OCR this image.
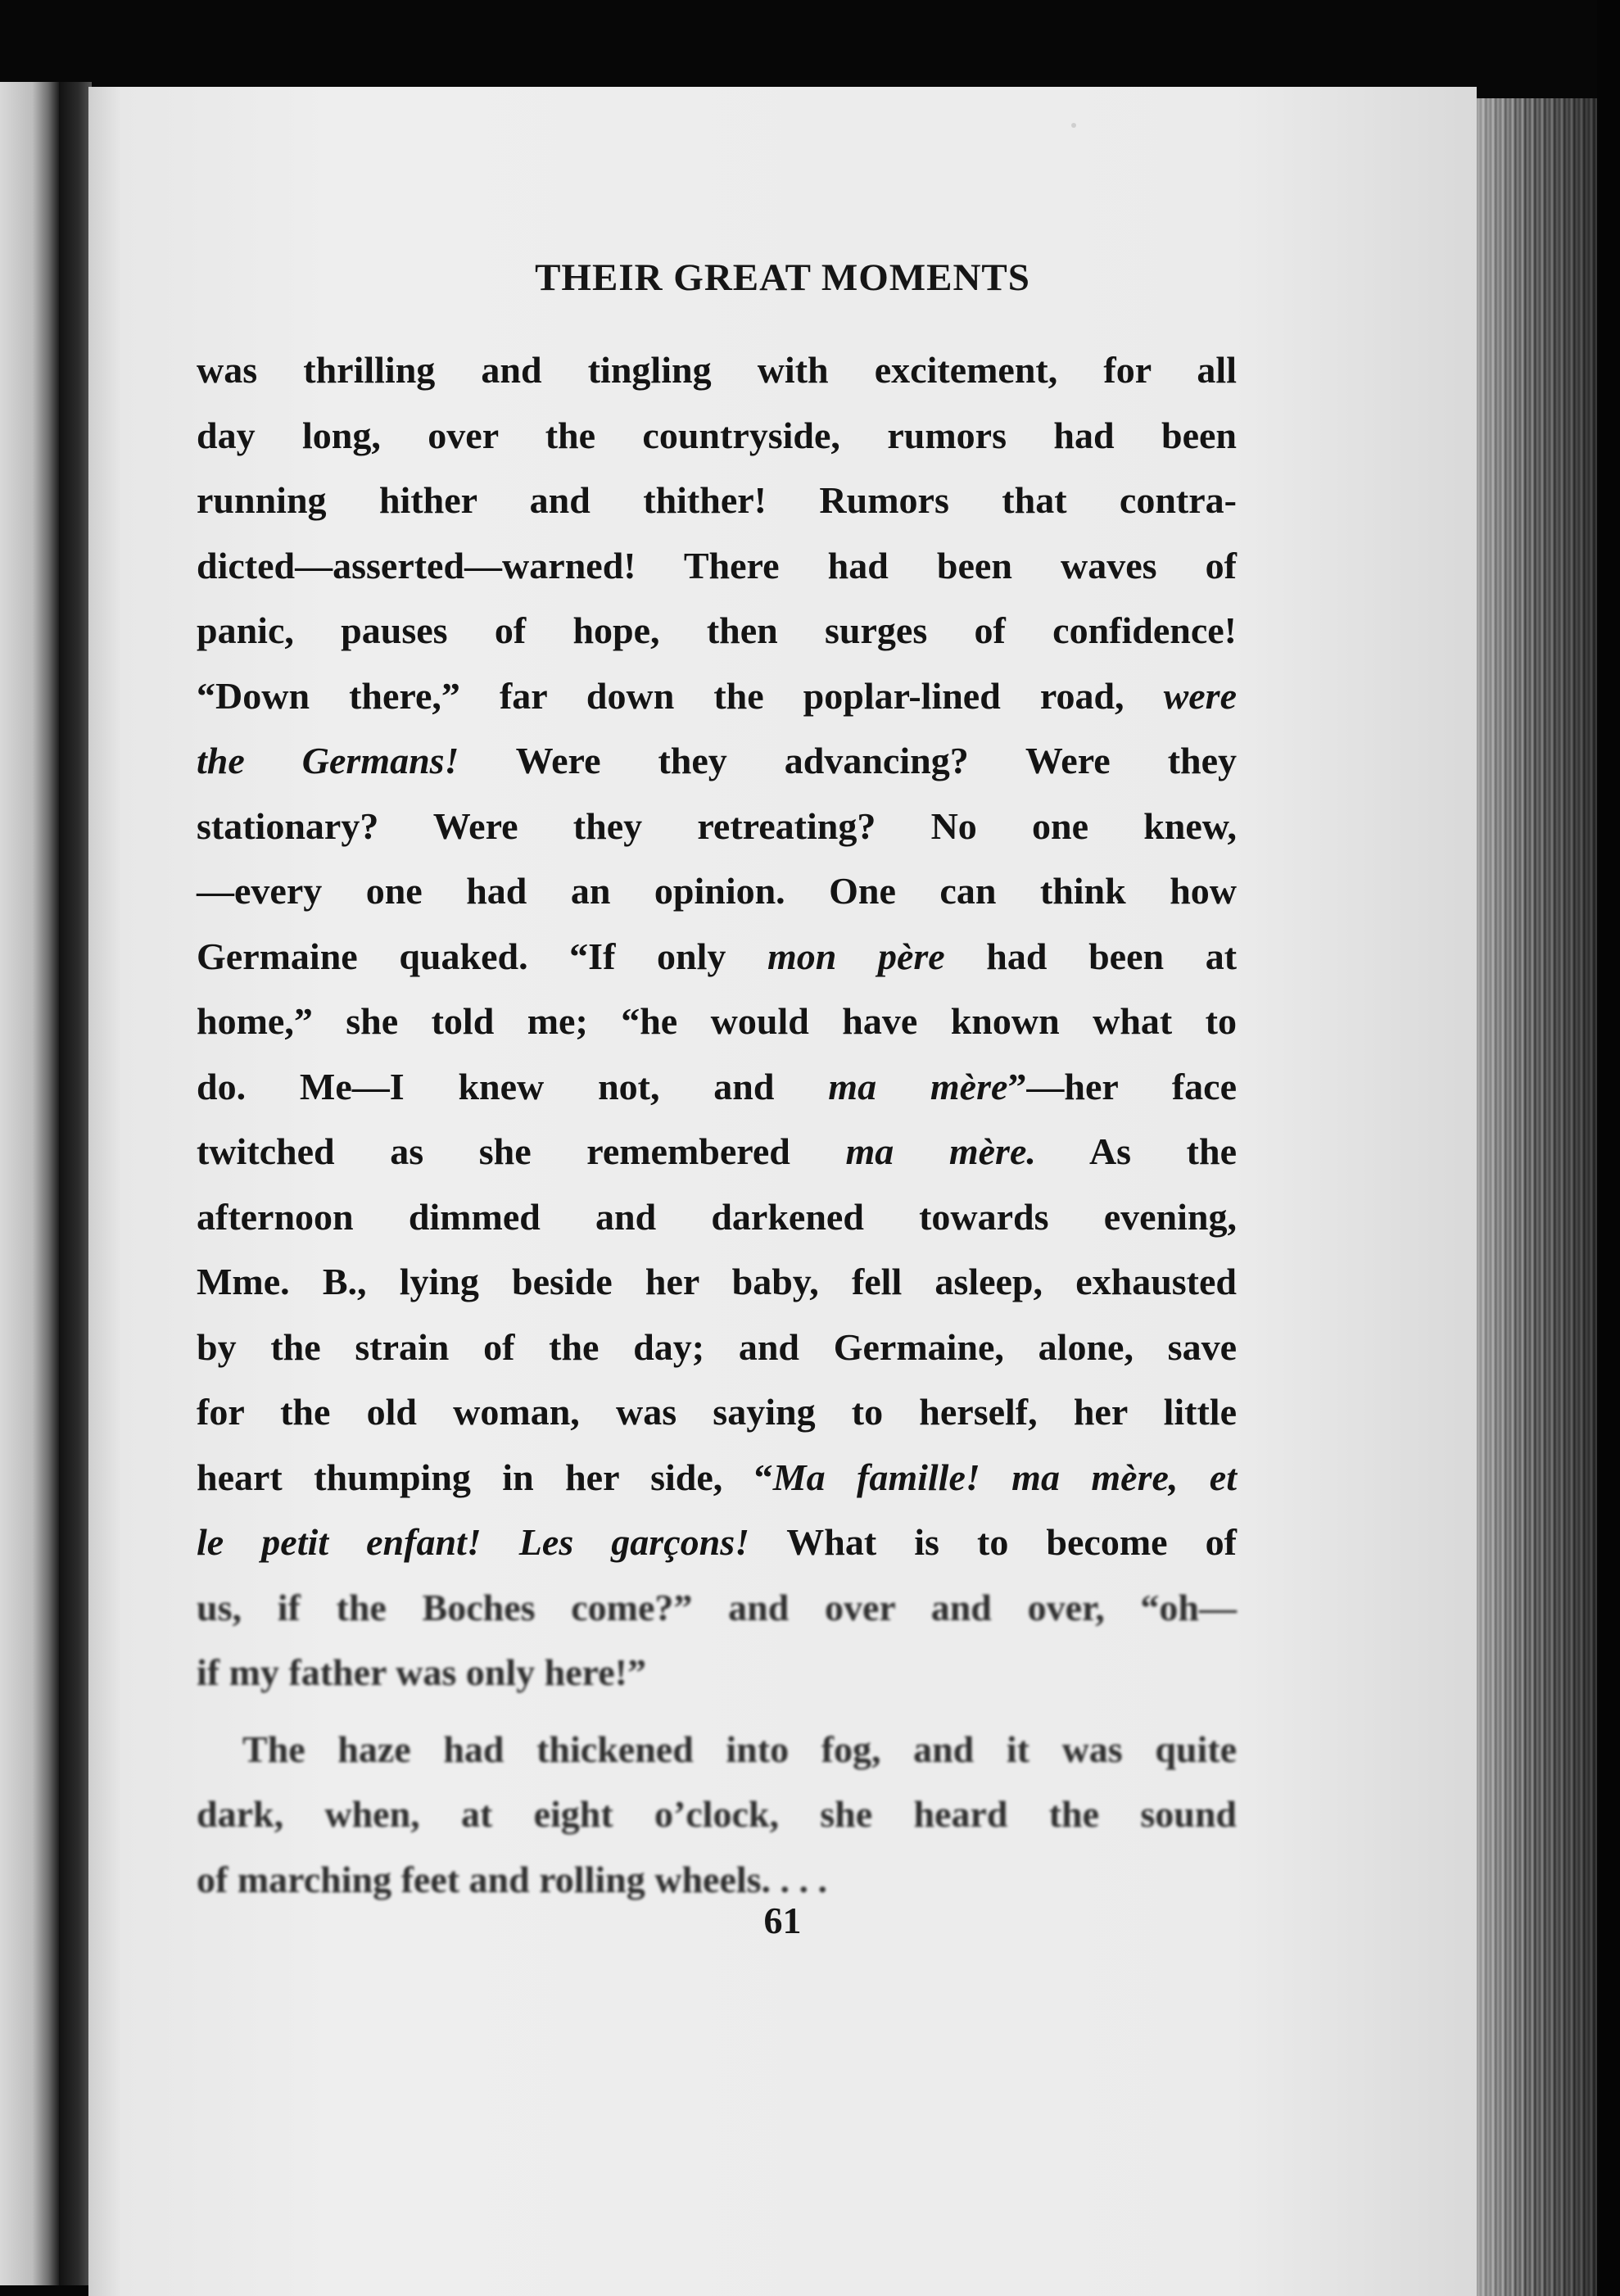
THEIR GREAT MOMENTS
was thrilling and tingling with excitement, for all
day long, over the countryside, rumors had been
running hither and thither! Rumors that contra-
dicted—asserted—warned! There had been waves of
panic, pauses of hope, then surges of confidence!
“Down there,” far down the poplar-lined road, were
the Germans! Were they advancing? Were they
stationary? Were they retreating? No one knew,
—every one had an opinion. One can think how
Germaine quaked. “If only mon père had been at
home,” she told me; “he would have known what to
do. Me—I knew not, and ma mère”—her face
twitched as she remembered ma mère. As the
afternoon dimmed and darkened towards evening,
Mme. B., lying beside her baby, fell asleep, exhausted
by the strain of the day; and Germaine, alone, save
for the old woman, was saying to herself, her little
heart thumping in her side, “Ma famille! ma mère, et
le petit enfant! Les garçons! What is to become of
us, if the Boches come?” and over and over, “oh—
if my father was only here!”
The haze had thickened into fog, and it was quite
dark, when, at eight o’clock, she heard the sound
of marching feet and rolling wheels. . . .
61
